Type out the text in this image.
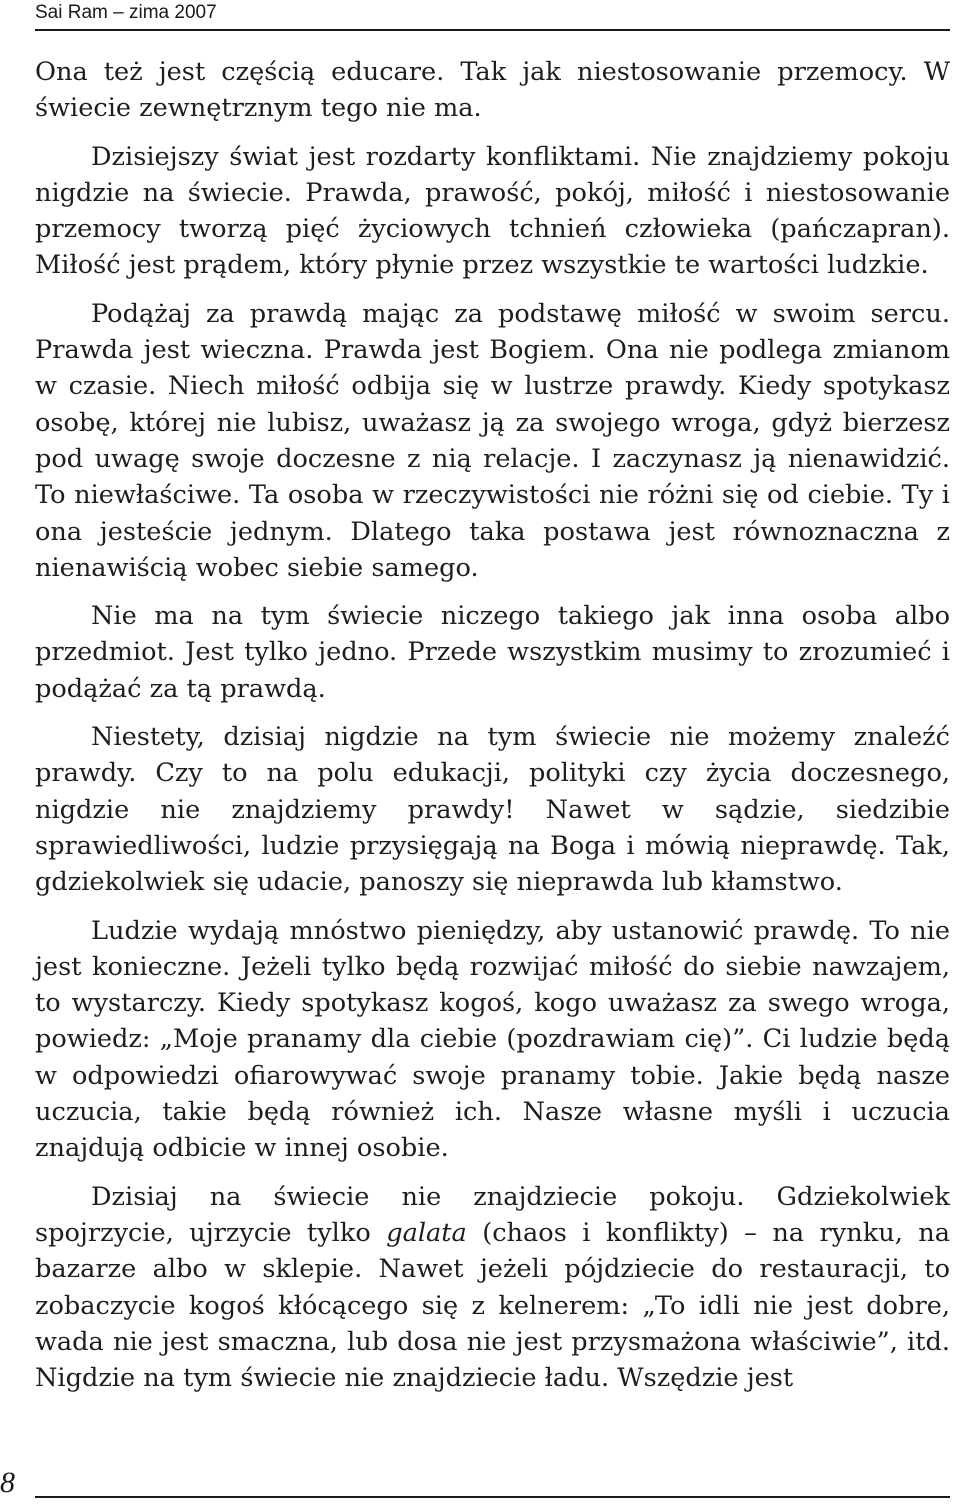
Sai Ram – zima 2007

Ona też jest częścią educare. Tak jak niestosowanie przemocy. W świecie zewnętrznym tego nie ma.

Dzisiejszy świat jest rozdarty konfliktami. Nie znajdziemy pokoju nigdzie na świecie. Prawda, prawość, pokój, miłość i niestosowanie przemocy tworzą pięć życiowych tchnień człowieka (pańczapran). Miłość jest prądem, który płynie przez wszystkie te wartości ludzkie.

Podążaj za prawdą mając za podstawę miłość w swoim sercu. Prawda jest wieczna. Prawda jest Bogiem. Ona nie podlega zmianom w czasie. Niech miłość odbija się w lustrze prawdy. Kiedy spotykasz osobę, której nie lubisz, uważasz ją za swojego wroga, gdyż bierzesz pod uwagę swoje doczesne z nią relacje. I zaczynasz ją nienawidzić. To niewłaściwe. Ta osoba w rzeczywistości nie różni się od ciebie. Ty i ona jesteście jednym. Dlatego taka postawa jest równoznaczna z nienawiścią wobec siebie samego.

Nie ma na tym świecie niczego takiego jak inna osoba albo przedmiot. Jest tylko jedno. Przede wszystkim musimy to zrozumieć i podążać za tą prawdą.

Niestety, dzisiaj nigdzie na tym świecie nie możemy znaleźć prawdy. Czy to na polu edukacji, polityki czy życia doczesnego, nigdzie nie znajdziemy prawdy! Nawet w sądzie, siedzibie sprawiedliwości, ludzie przysięgają na Boga i mówią nieprawdę. Tak, gdziekolwiek się udacie, panoszy się nieprawda lub kłamstwo.

Ludzie wydają mnóstwo pieniędzy, aby ustanowić prawdę. To nie jest konieczne. Jeżeli tylko będą rozwijać miłość do siebie nawzajem, to wystarczy. Kiedy spotykasz kogoś, kogo uważasz za swego wroga, powiedz: „Moje pranamy dla ciebie (pozdrawiam cię)”. Ci ludzie będą w odpowiedzi ofiarowywać swoje pranamy tobie. Jakie będą nasze uczucia, takie będą również ich. Nasze własne myśli i uczucia znajdują odbicie w innej osobie.

Dzisiaj na świecie nie znajdziecie pokoju. Gdziekolwiek spojrzycie, ujrzycie tylko galata (chaos i konflikty) – na rynku, na bazarze albo w sklepie. Nawet jeżeli pójdziecie do restauracji, to zobaczycie kogoś kłócącego się z kelnerem: „To idli nie jest dobre, wada nie jest smaczna, lub dosa nie jest przysmażona właściwie”, itd. Nigdzie na tym świecie nie znajdziecie ładu. Wszędzie jest

8
